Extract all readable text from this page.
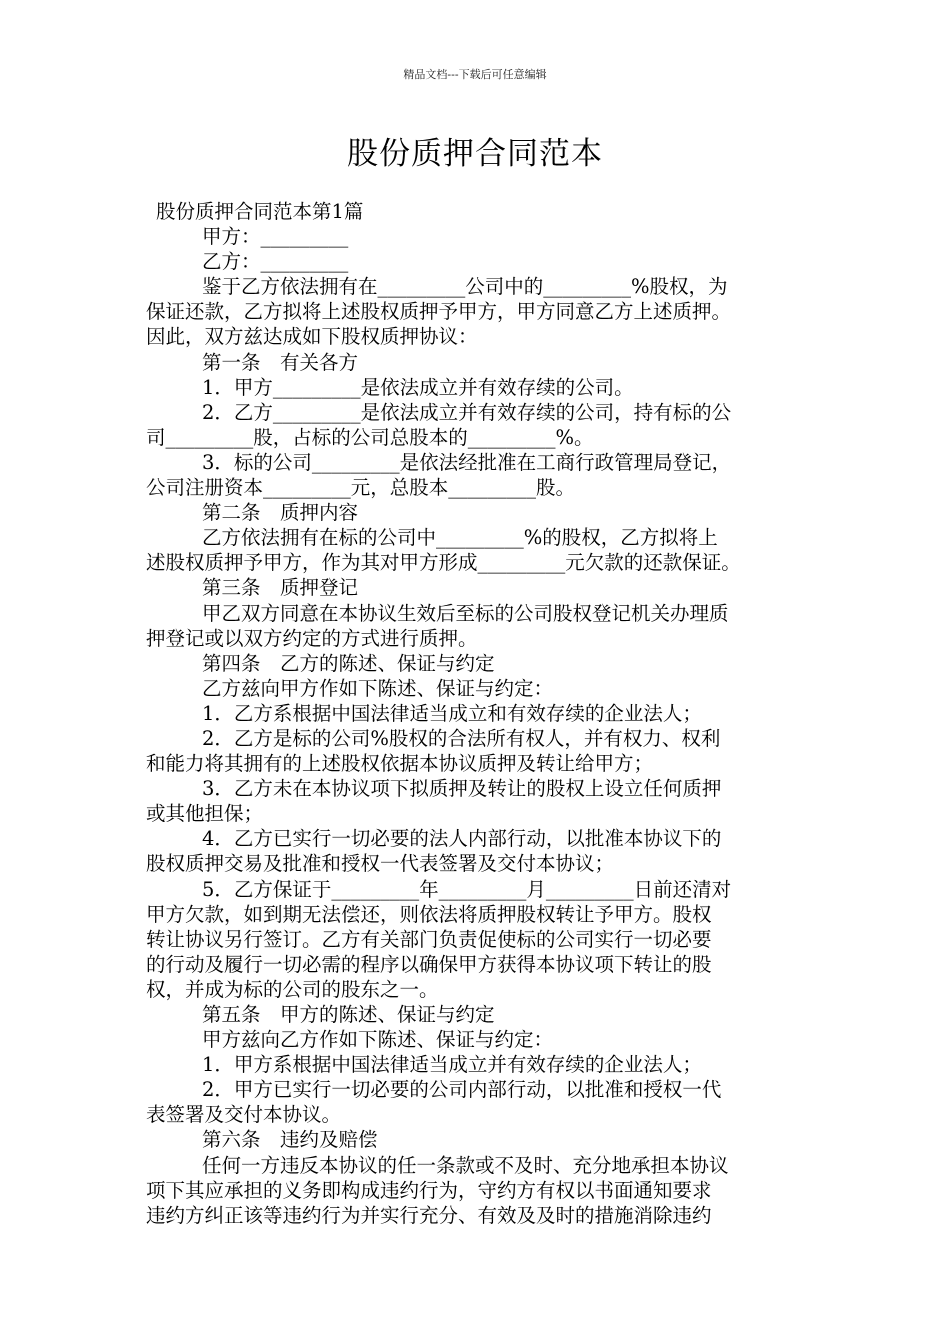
精品文档---下载后可任意编辑
股份质押合同范本
股份质押合同范本第1篇
甲方：_________
乙方：_________
鉴于乙方依法拥有在_________公司中的_________%股权，为
保证还款，乙方拟将上述股权质押予甲方，甲方同意乙方上述质押。
因此，双方兹达成如下股权质押协议：
第一条　有关各方
1．甲方_________是依法成立并有效存续的公司。
2．乙方_________是依法成立并有效存续的公司，持有标的公
司_________股，占标的公司总股本的_________%。
3．标的公司_________是依法经批准在工商行政管理局登记，
公司注册资本_________元，总股本_________股。
第二条　质押内容
乙方依法拥有在标的公司中_________%的股权，乙方拟将上
述股权质押予甲方，作为其对甲方形成_________元欠款的还款保证。
第三条　质押登记
甲乙双方同意在本协议生效后至标的公司股权登记机关办理质
押登记或以双方约定的方式进行质押。
第四条　乙方的陈述、保证与约定
乙方兹向甲方作如下陈述、保证与约定：
1．乙方系根据中国法律适当成立和有效存续的企业法人；
2．乙方是标的公司%股权的合法所有权人，并有权力、权利
和能力将其拥有的上述股权依据本协议质押及转让给甲方；
3．乙方未在本协议项下拟质押及转让的股权上设立任何质押
或其他担保；
4．乙方已实行一切必要的法人内部行动，以批准本协议下的
股权质押交易及批准和授权一代表签署及交付本协议；
5．乙方保证于_________年_________月_________日前还清对
甲方欠款，如到期无法偿还，则依法将质押股权转让予甲方。股权
转让协议另行签订。乙方有关部门负责促使标的公司实行一切必要
的行动及履行一切必需的程序以确保甲方获得本协议项下转让的股
权，并成为标的公司的股东之一。
第五条　甲方的陈述、保证与约定
甲方兹向乙方作如下陈述、保证与约定：
1．甲方系根据中国法律适当成立并有效存续的企业法人；
2．甲方已实行一切必要的公司内部行动，以批准和授权一代
表签署及交付本协议。
第六条　违约及赔偿
任何一方违反本协议的任一条款或不及时、充分地承担本协议
项下其应承担的义务即构成违约行为，守约方有权以书面通知要求
违约方纠正该等违约行为并实行充分、有效及及时的措施消除违约
